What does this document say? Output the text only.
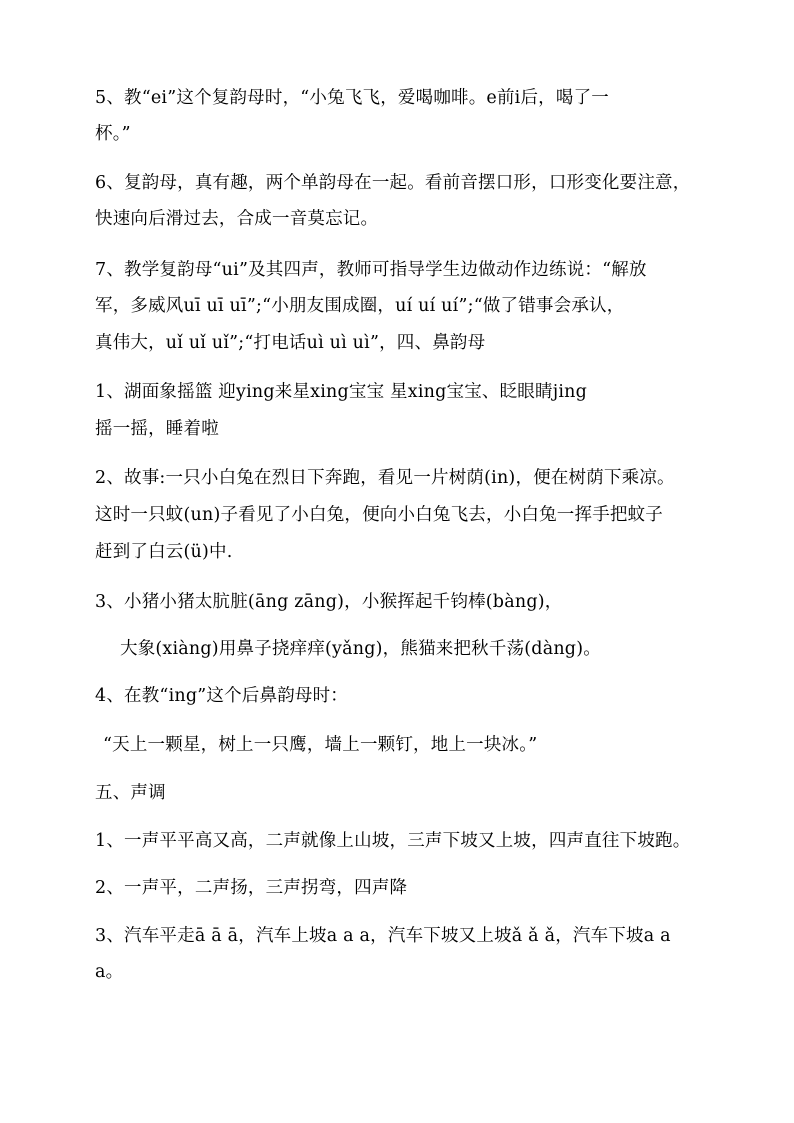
5、教“ei”这个复韵母时，“小兔飞飞，爱喝咖啡。e前i后，喝了一
杯。”
6、复韵母，真有趣，两个单韵母在一起。看前音摆口形，口形变化要注意，
快速向后滑过去，合成一音莫忘记。
7、教学复韵母“ui”及其四声，教师可指导学生边做动作边练说：“解放
军，多威风uī uī uī”;“小朋友围成圈，uí uí uí”;“做了错事会承认，
真伟大，uǐ uǐ uǐ”;“打电话uì uì uì”，四、鼻韵母
1、湖面象摇篮 迎ying来星xing宝宝 星xing宝宝、眨眼睛jing
摇一摇，睡着啦
2、故事:一只小白兔在烈日下奔跑，看见一片树荫(in)，便在树荫下乘凉。
这时一只蚊(un)子看见了小白兔，便向小白兔飞去，小白兔一挥手把蚊子
赶到了白云(ü)中.
3、小猪小猪太肮脏(āng zāng)，小猴挥起千钧棒(bàng)，
大象(xiàng)用鼻子挠痒痒(yǎng)，熊猫来把秋千荡(dàng)。
4、在教“ing”这个后鼻韵母时：
“天上一颗星，树上一只鹰，墙上一颗钉，地上一块冰。”
五、声调
1、一声平平高又高，二声就像上山坡，三声下坡又上坡，四声直往下坡跑。
2、一声平，二声扬，三声拐弯，四声降
3、汽车平走ā ā ā，汽车上坡a a a，汽车下坡又上坡ǎ ǎ ǎ，汽车下坡a a
a。
